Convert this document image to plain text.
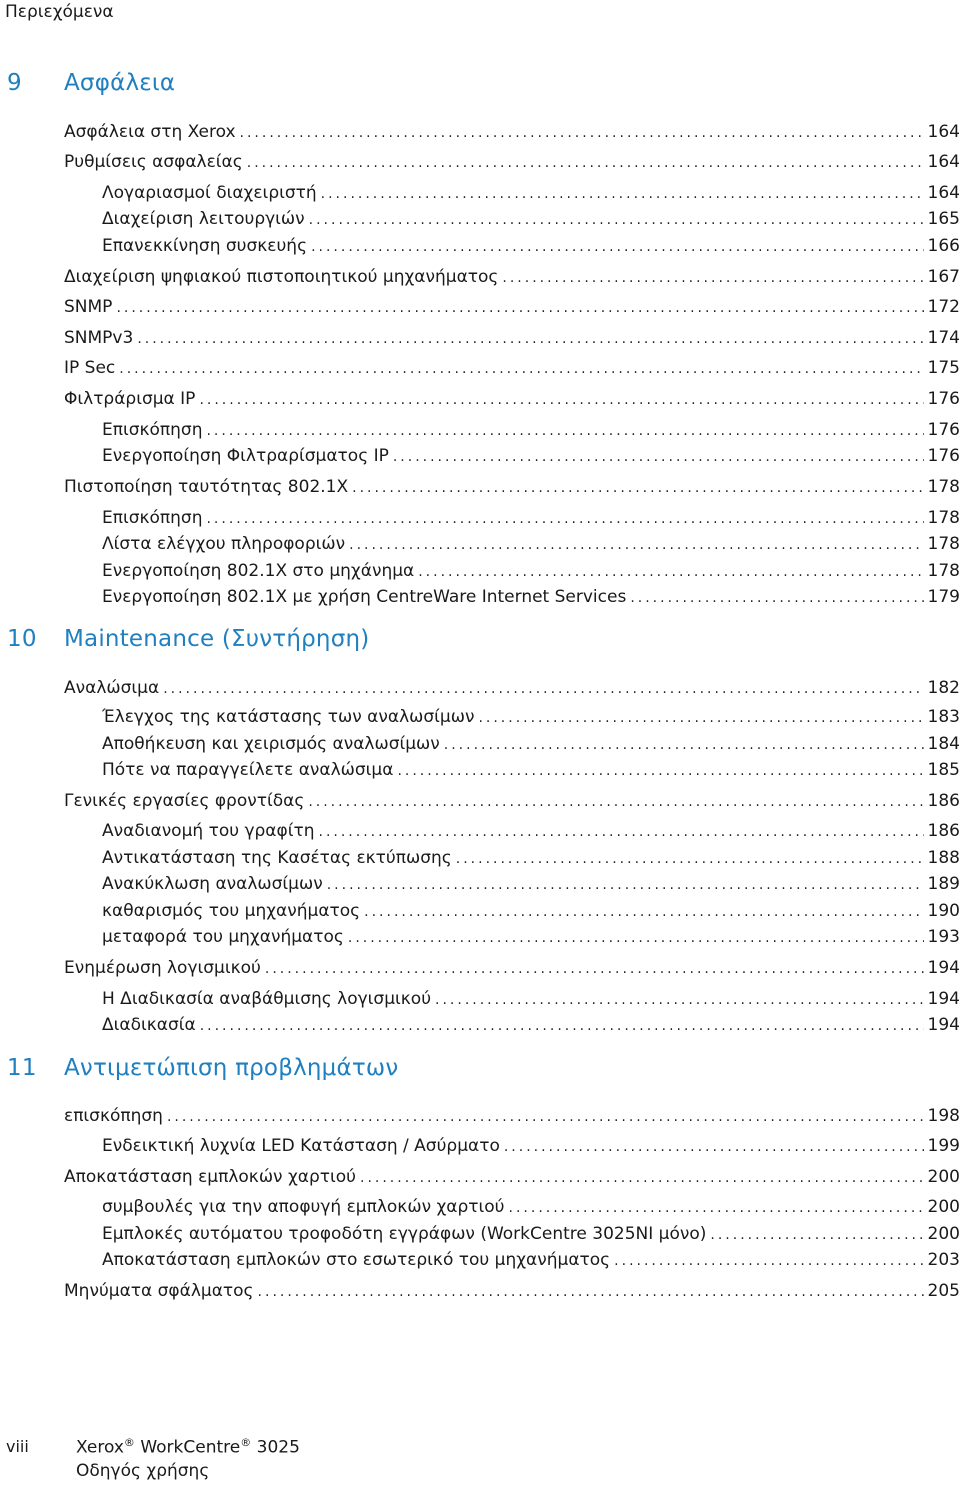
Περιεχόμενα
9 Ασφάλεια
10 Maintenance (Συντήρηση)
11 Αντιμετώπιση προβλημάτων
Ασφάλεια στη Xerox .....	164
Ρυθμίσεις ασφαλείας .....	164
Λογαριασμοί διαχειριστή .....	164
Διαχείριση λειτουργιών .....	165
Επανεκκίνηση συσκευής .....	166
Διαχείριση ψηφιακού πιστοποιητικού μηχανήματος .....	167
SNMP .....	172
SNMPv3 .....	174
IP Sec .....	175
Φιλτράρισμα IP .....	176
Επισκόπηση .....	176
Ενεργοποίηση Φιλτραρίσματος IP .....	176
Πιστοποίηση ταυτότητας 802.1X .....	178
Επισκόπηση .....	178
Λίστα ελέγχου πληροφοριών .....	178
Ενεργοποίηση 802.1X στο μηχάνημα .....	178
Ενεργοποίηση 802.1X με χρήση CentreWare Internet Services .....	179
Αναλώσιμα .....	182
Έλεγχος της κατάστασης των αναλωσίμων .....	183
Αποθήκευση και χειρισμός αναλωσίμων .....	184
Πότε να παραγγείλετε αναλώσιμα .....	185
Γενικές εργασίες φροντίδας .....	186
Αναδιανομή του γραφίτη .....	186
Αντικατάσταση της Κασέτας εκτύπωσης .....	188
Ανακύκλωση αναλωσίμων .....	189
καθαρισμός του μηχανήματος .....	190
μεταφορά του μηχανήματος .....	193
Ενημέρωση λογισμικού .....	194
Η Διαδικασία αναβάθμισης λογισμικού .....	194
Διαδικασία .....	194
επισκόπηση .....	198
Ενδεικτική λυχνία LED Κατάσταση / Ασύρματο .....	199
Αποκατάσταση εμπλοκών χαρτιού .....	200
συμβουλές για την αποφυγή εμπλοκών χαρτιού .....	200
Εμπλοκές αυτόματου τροφοδότη εγγράφων (WorkCentre 3025NI μόνο) .....	200
Αποκατάσταση εμπλοκών στο εσωτερικό του μηχανήματος .....	203
Μηνύματα σφάλματος .....	205
viii	Xerox® WorkCentre® 3025
Οδηγός χρήσης
